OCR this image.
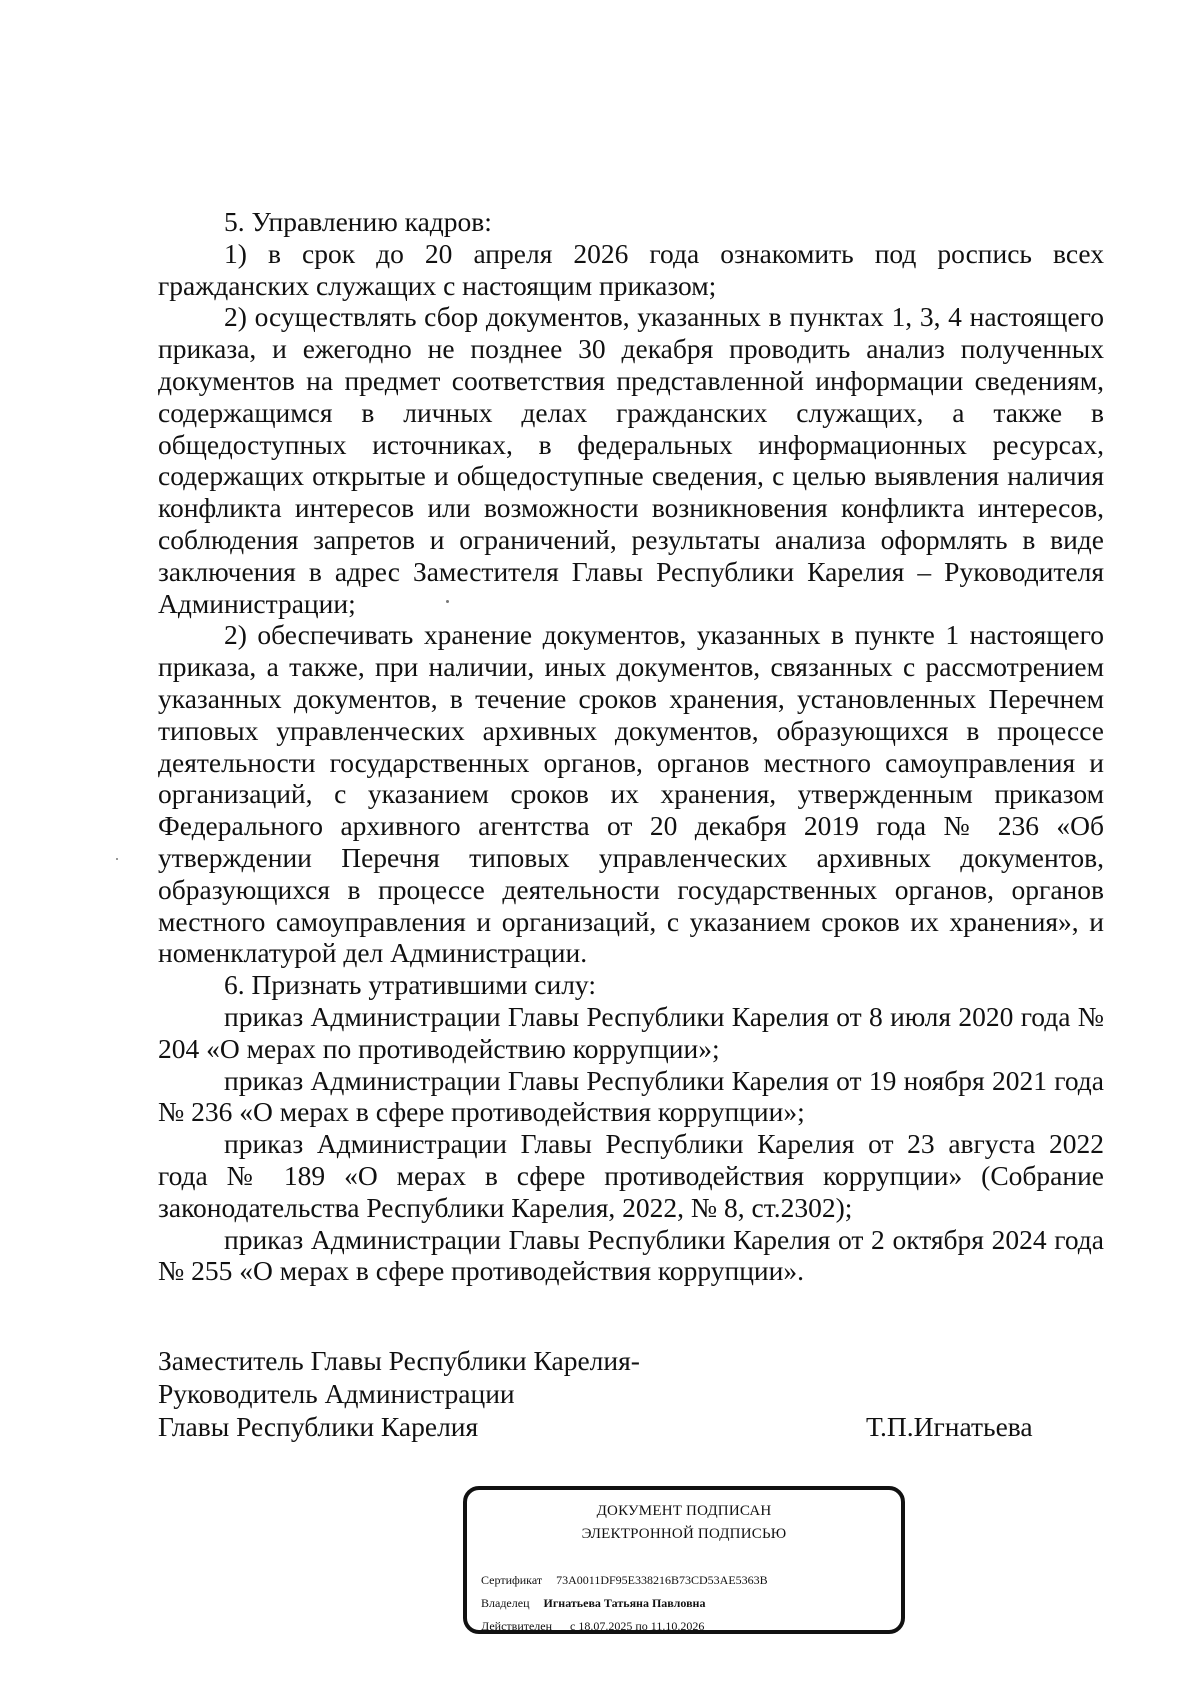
5. Управлению кадров:

1) в срок до 20 апреля 2026 года ознакомить под роспись всех гражданских служащих с настоящим приказом;

2) осуществлять сбор документов, указанных в пунктах 1, 3, 4 настоящего приказа, и ежегодно не позднее 30 декабря проводить анализ полученных документов на предмет соответствия представленной информации сведениям, содержащимся в личных делах гражданских служащих, а также в общедоступных источниках, в федеральных информационных ресурсах, содержащих открытые и общедоступные сведения, с целью выявления наличия конфликта интересов или возможности возникновения конфликта интересов, соблюдения запретов и ограничений, результаты анализа оформлять в виде заключения в адрес Заместителя Главы Республики Карелия – Руководителя Администрации;

2) обеспечивать хранение документов, указанных в пункте 1 настоящего приказа, а также, при наличии, иных документов, связанных с рассмотрением указанных документов, в течение сроков хранения, установленных Перечнем типовых управленческих архивных документов, образующихся в процессе деятельности государственных органов, органов местного самоуправления и организаций, с указанием сроков их хранения, утвержденным приказом Федерального архивного агентства от 20 декабря 2019 года № 236 «Об утверждении Перечня типовых управленческих архивных документов, образующихся в процессе деятельности государственных органов, органов местного самоуправления и организаций, с указанием сроков их хранения», и номенклатурой дел Администрации.

6. Признать утратившими силу:

приказ Администрации Главы Республики Карелия от 8 июля 2020 года № 204 «О мерах по противодействию коррупции»;

приказ Администрации Главы Республики Карелия от 19 ноября 2021 года № 236 «О мерах в сфере противодействия коррупции»;

приказ Администрации Главы Республики Карелия от 23 августа 2022 года № 189 «О мерах в сфере противодействия коррупции» (Собрание законодательства Республики Карелия, 2022, № 8, ст.2302);

приказ Администрации Главы Республики Карелия от 2 октября 2024 года № 255 «О мерах в сфере противодействия коррупции».

Заместитель Главы Республики Карелия-
Руководитель Администрации
Главы Республики Карелия	Т.П.Игнатьева
ДОКУМЕНТ ПОДПИСАН
ЭЛЕКТРОННОЙ ПОДПИСЬЮ
Сертификат 73A0011DF95E338216B73CD53AE5363B
Владелец Игнатьева Татьяна Павловна
Действителен с 18.07.2025 по 11.10.2026
